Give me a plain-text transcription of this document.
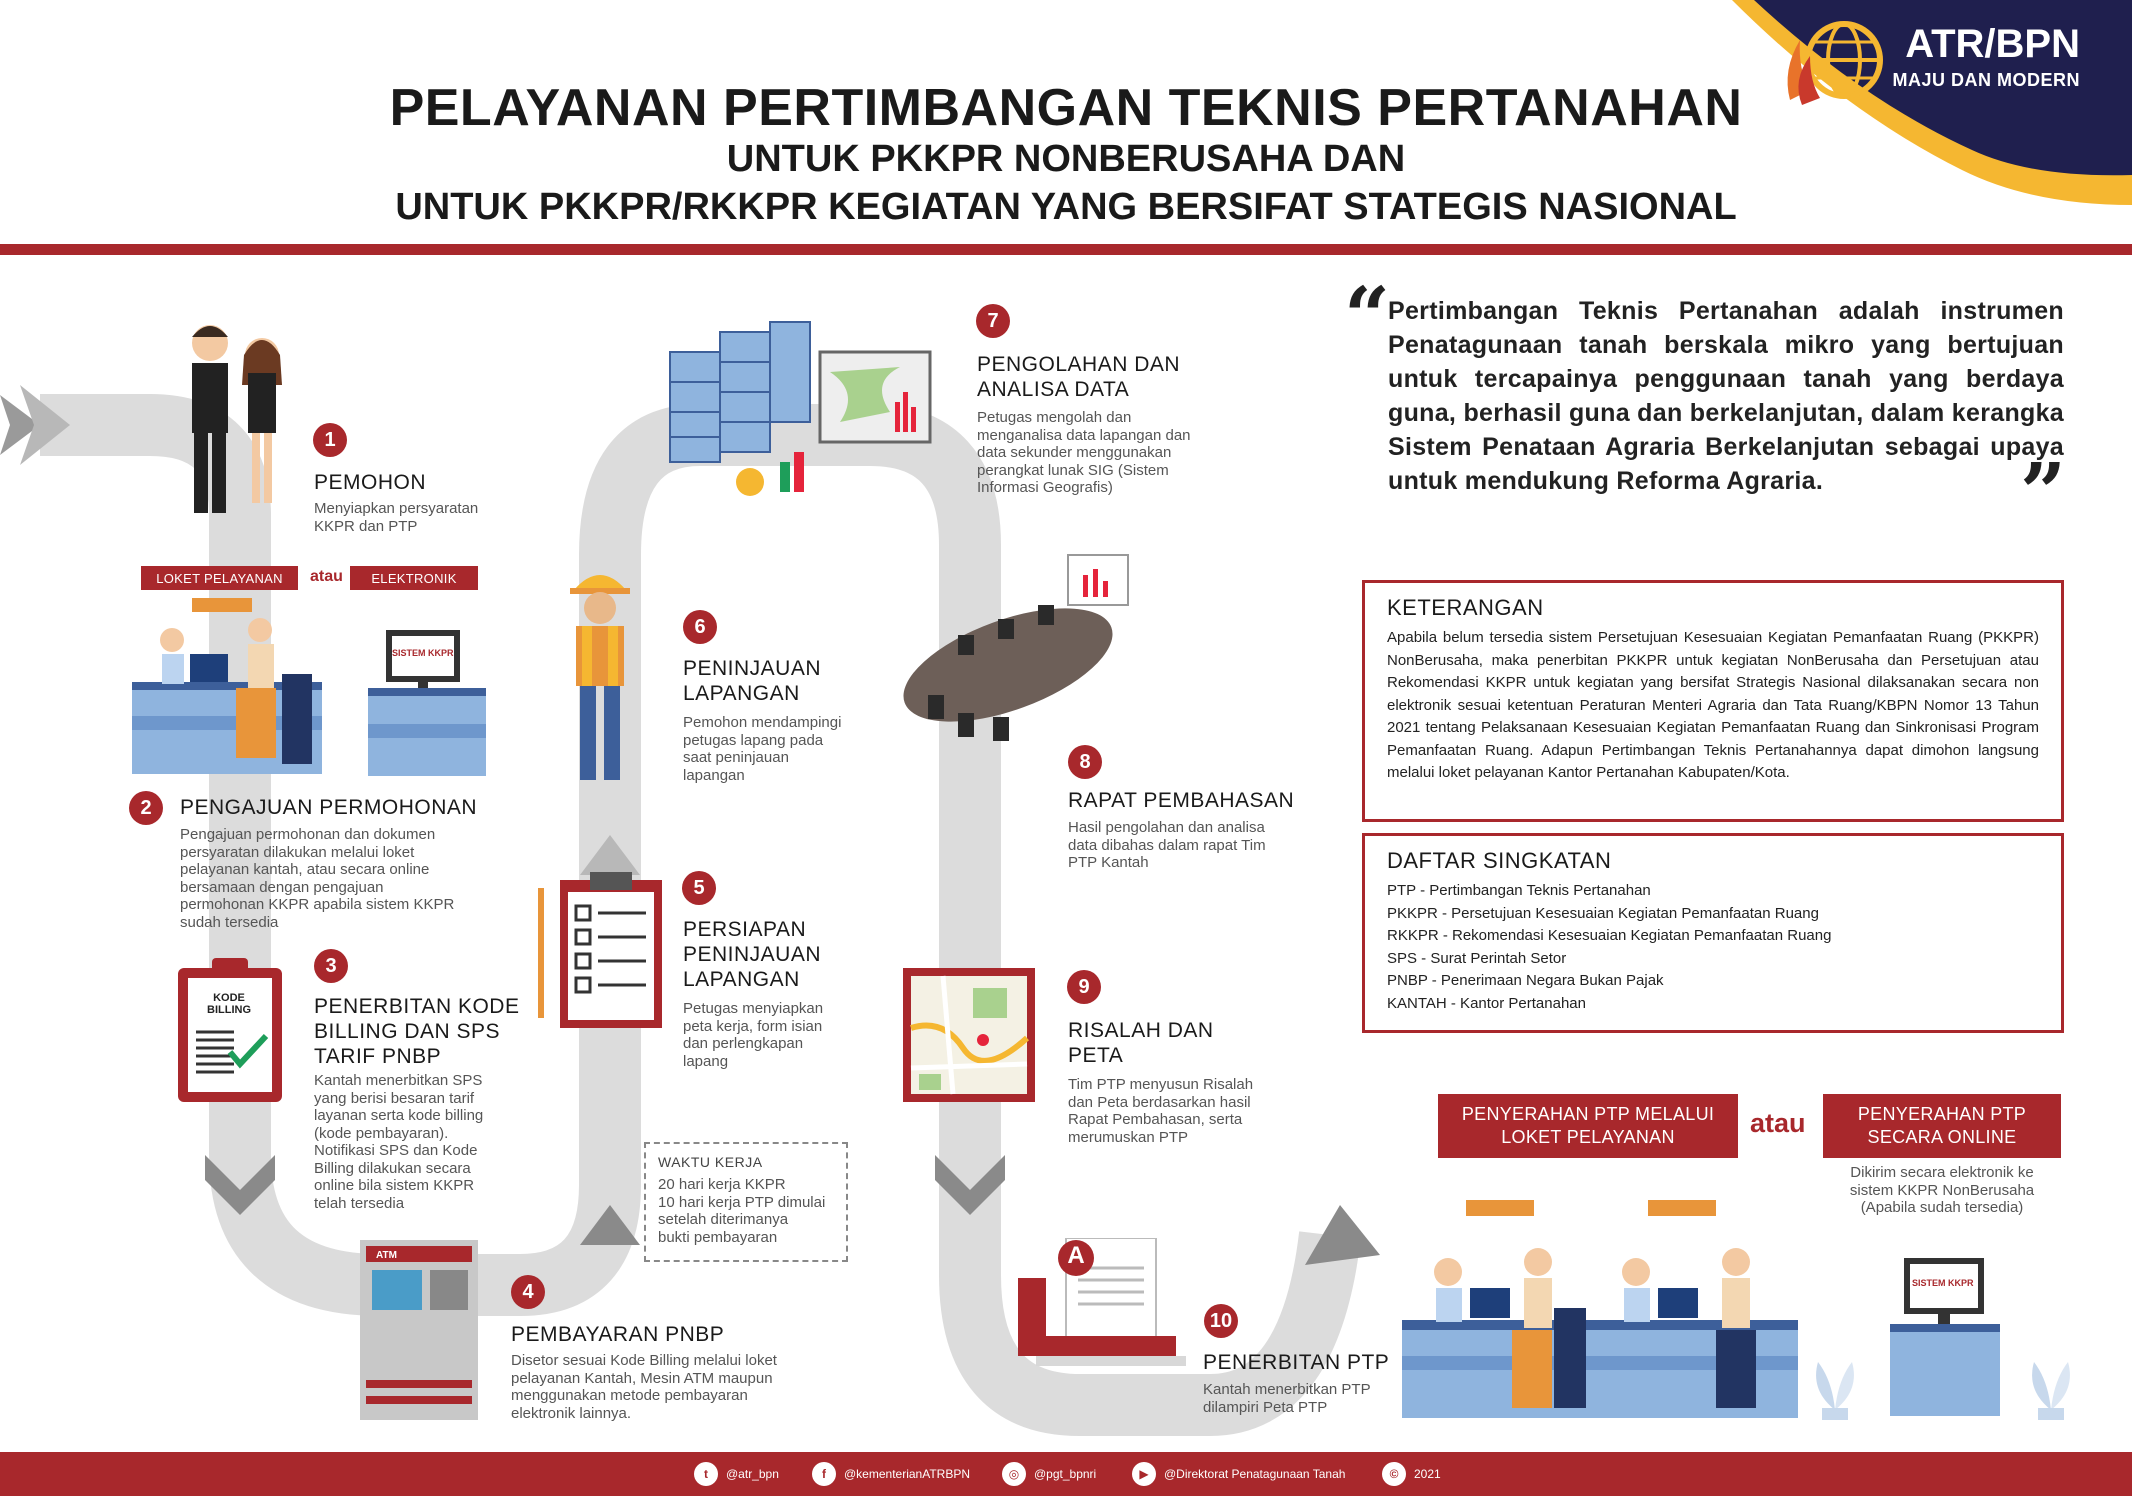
PELAYANAN PERTIMBANGAN TEKNIS PERTANAHAN
UNTUK PKKPR NONBERUSAHA DAN
UNTUK PKKPR/RKKPR KEGIATAN YANG BERSIFAT STATEGIS NASIONAL
ATR/BPN
MAJU DAN MODERN
1
PEMOHON
Menyiapkan persyaratan
KKPR dan PTP
LOKET PELAYANAN	atau	ELEKTRONIK
SISTEM KKPR
2	PENGAJUAN PERMOHONAN
Pengajuan permohonan dan dokumen
persyaratan dilakukan melalui loket
pelayanan kantah, atau secara online
bersamaan dengan pengajuan
permohonan KKPR apabila sistem KKPR
sudah tersedia
KODE
BILLING
3
PENERBITAN KODE
BILLING DAN SPS
TARIF PNBP
Kantah menerbitkan SPS
yang berisi besaran tarif
layanan serta kode billing
(kode pembayaran).
Notifikasi SPS dan Kode
Billing dilakukan secara
online bila sistem KKPR
telah tersedia
ATM
4
PEMBAYARAN PNBP
Disetor sesuai Kode Billing melalui loket
pelayanan Kantah, Mesin ATM maupun
menggunakan metode pembayaran
elektronik lainnya.
5
PERSIAPAN
PENINJAUAN
LAPANGAN
Petugas menyiapkan
peta kerja, form isian
dan perlengkapan
lapang
WAKTU KERJA
20 hari kerja KKPR
10 hari kerja PTP dimulai
setelah diterimanya
bukti pembayaran
6
PENINJAUAN
LAPANGAN
Pemohon mendampingi
petugas lapang pada
saat peninjauan
lapangan
7
PENGOLAHAN DAN
ANALISA DATA
Petugas mengolah dan
menganalisa data lapangan dan
data sekunder menggunakan
perangkat lunak SIG (Sistem
Informasi Geografis)
8
RAPAT PEMBAHASAN
Hasil pengolahan dan analisa
data dibahas dalam rapat Tim
PTP Kantah
9
RISALAH DAN
PETA
Tim PTP menyusun Risalah
dan Peta berdasarkan hasil
Rapat Pembahasan, serta
merumuskan PTP
A
10
PENERBITAN PTP
Kantah menerbitkan PTP
dilampiri Peta PTP
“
Pertimbangan Teknis Pertanahan adalah instrumen Penatagunaan tanah berskala mikro yang bertujuan untuk tercapainya penggunaan tanah yang berdaya guna, berhasil guna dan berkelanjutan, dalam kerangka Sistem Penataan Agraria Berkelanjutan sebagai upaya untuk mendukung Reforma Agraria.	”
KETERANGAN
Apabila belum tersedia sistem Persetujuan Kesesuaian Kegiatan Pemanfaatan Ruang (PKKPR) NonBerusaha, maka penerbitan PKKPR untuk kegiatan NonBerusaha dan Persetujuan atau Rekomendasi KKPR untuk kegiatan yang bersifat Strategis Nasional dilaksanakan secara non elektronik sesuai ketentuan Peraturan Menteri Agraria dan Tata Ruang/KBPN Nomor 13 Tahun 2021 tentang Pelaksanaan Kesesuaian Kegiatan Pemanfaatan Ruang dan Sinkronisasi Program Pemanfaatan Ruang. Adapun Pertimbangan Teknis Pertanahannya dapat dimohon langsung melalui loket pelayanan Kantor Pertanahan Kabupaten/Kota.
DAFTAR SINGKATAN
PTP - Pertimbangan Teknis Pertanahan
PKKPR - Persetujuan Kesesuaian Kegiatan Pemanfaatan Ruang
RKKPR - Rekomendasi Kesesuaian Kegiatan Pemanfaatan Ruang
SPS - Surat Perintah Setor
PNBP - Penerimaan Negara Bukan Pajak
KANTAH - Kantor Pertanahan
PENYERAHAN PTP MELALUI
LOKET PELAYANAN	atau	PENYERAHAN PTP
SECARA ONLINE
Dikirim secara elektronik ke
sistem KKPR NonBerusaha
(Apabila sudah tersedia)
SISTEM KKPR
t	@atr_bpn	f	@kementerianATRBPN	◎	@pgt_bpnri	▶	@Direktorat Penatagunaan Tanah	©	2021
